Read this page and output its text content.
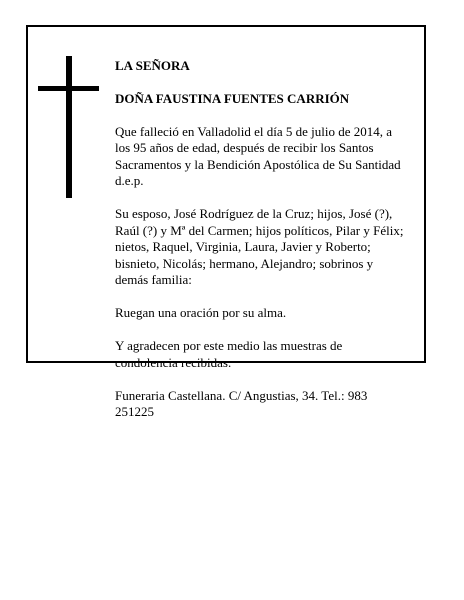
LA SEÑORA

DOÑA FAUSTINA FUENTES CARRIÓN

Que falleció en Valladolid el día 5 de julio de 2014, a
los 95 años de edad, después de recibir los Santos
Sacramentos y la Bendición Apostólica de Su Santidad
d.e.p.

Su esposo, José Rodríguez de la Cruz; hijos, José (?),
Raúl (?) y Mª del Carmen; hijos políticos, Pilar y Félix;
nietos, Raquel, Virginia, Laura, Javier y Roberto;
bisnieto, Nicolás; hermano, Alejandro; sobrinos y
demás familia:

Ruegan una oración por su alma.

Y agradecen por este medio las muestras de
condolencia recibidas.

Funeraria Castellana. C/ Angustias, 34. Tel.: 983
251225
